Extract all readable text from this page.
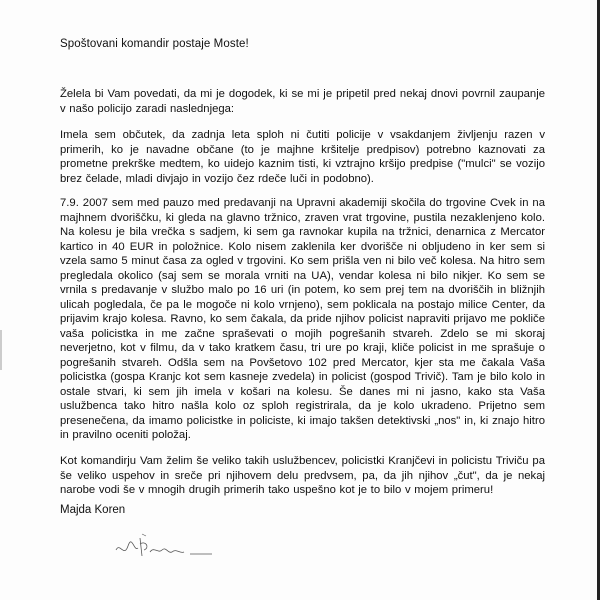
Spoštovani komandir postaje Moste!
Želela bi Vam povedati, da mi je dogodek, ki se mi je pripetil pred nekaj dnovi povrnil zaupanje v našo policijo zaradi naslednjega:
Imela sem občutek, da zadnja leta sploh ni čutiti policije v vsakdanjem življenju razen v primerih, ko je navadne občane (to je majhne kršitelje predpisov) potrebno kaznovati za prometne prekrške medtem, ko uidejo kaznim tisti, ki vztrajno kršijo predpise ("mulci" se vozijo brez čelade, mladi divjajo in vozijo čez rdeče luči in podobno).
7.9. 2007 sem med pauzo med predavanji na Upravni akademiji skočila do trgovine Cvek in na majhnem dvoriščku, ki gleda na glavno tržnico, zraven vrat trgovine, pustila nezaklenjeno kolo. Na kolesu je bila vrečka s sadjem, ki sem ga ravnokar kupila na tržnici, denarnica z Mercator kartico in 40 EUR in položnice. Kolo nisem zaklenila ker dvorišče ni obljudeno in ker sem si vzela samo 5 minut časa za ogled v trgovini. Ko sem prišla ven ni bilo več kolesa. Na hitro sem pregledala okolico (saj sem se morala vrniti na UA), vendar kolesa ni bilo nikjer. Ko sem se vrnila s predavanje v službo malo po 16 uri (in potem, ko sem prej tem na dvoriščih in bližnjih ulicah pogledala, če pa le mogoče ni kolo vrnjeno), sem poklicala na postajo milice Center, da prijavim krajo kolesa. Ravno, ko sem čakala, da pride njihov policist napraviti prijavo me pokliče vaša policistka in me začne spraševati o mojih pogrešanih stvareh. Zdelo se mi skoraj neverjetno, kot v filmu, da v tako kratkem času, tri ure po kraji, kliče policist in me sprašuje o pogrešanih stvareh. Odšla sem na Povšetovo 102 pred Mercator, kjer sta me čakala Vaša policistka (gospa Kranjc kot sem kasneje zvedela) in policist (gospod Trivič). Tam je bilo kolo in ostale stvari, ki sem jih imela v košari na kolesu. Še danes mi ni jasno, kako sta Vaša uslužbenca tako hitro našla kolo oz sploh registrirala, da je kolo ukradeno. Prijetno sem presenečena, da imamo policistke in policiste, ki imajo takšen detektivski „nos" in, ki znajo hitro in pravilno oceniti položaj.
Kot komandirju Vam želim še veliko takih uslužbencev, policistki Kranjčevi in policistu Triviču pa še veliko uspehov in sreče pri njihovem delu predvsem, pa, da jih njihov „čut", da je nekaj narobe vodi še v mnogih drugih primerih tako uspešno kot je to bilo v mojem primeru!
Majda Koren
